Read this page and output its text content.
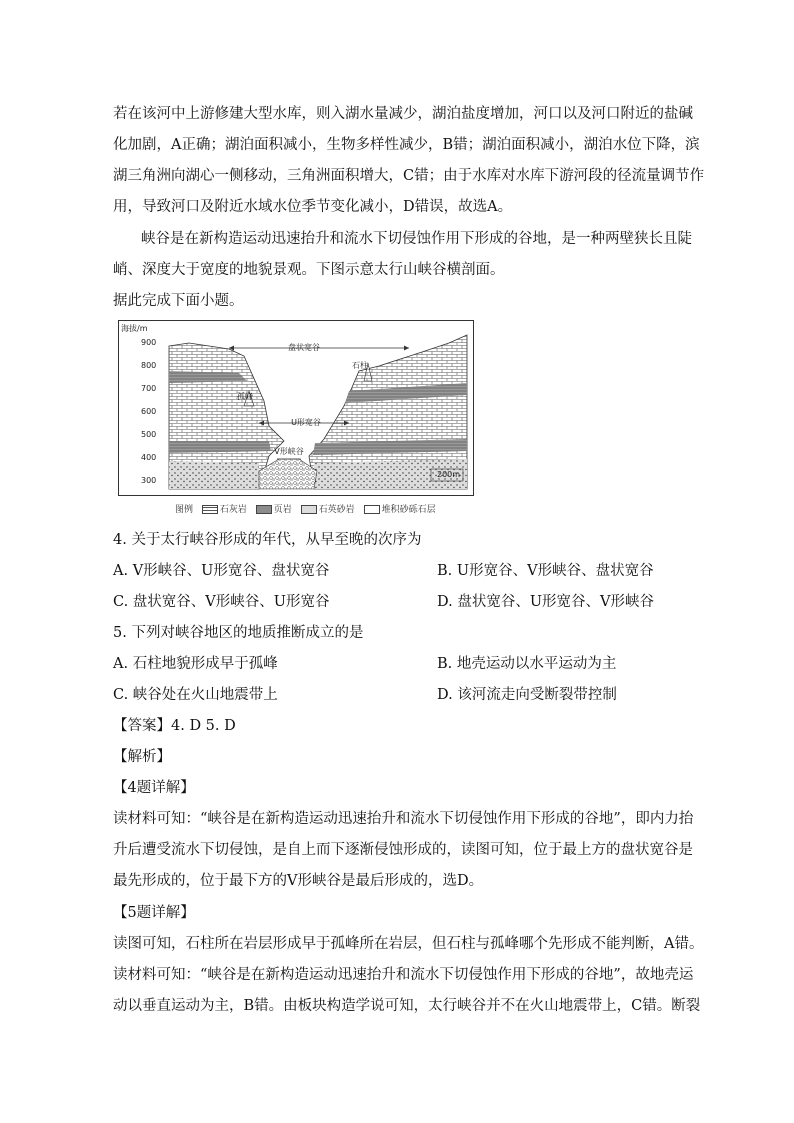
若在该河中上游修建大型水库，则入湖水量减少，湖泊盐度增加，河口以及河口附近的盐碱
化加剧，A正确；湖泊面积减小，生物多样性减少，B错；湖泊面积减小，湖泊水位下降，滨
湖三角洲向湖心一侧移动，三角洲面积增大，C错；由于水库对水库下游河段的径流量调节作
用，导致河口及附近水域水位季节变化减小，D错误，故选A。
峡谷是在新构造运动迅速抬升和流水下切侵蚀作用下形成的谷地，是一种两壁狭长且陡
峭、深度大于宽度的地貌景观。下图示意太行山峡谷横剖面。
据此完成下面小题。
海拔/m
900
800
700
600
500
400
300
盘状宽谷
U形宽谷
V形峡谷
石柱
孤峰
200m
图例	石灰岩	页岩	石英砂岩	堆积砂砾石层
4. 关于太行峡谷形成的年代，从早至晚的次序为
A. V形峡谷、U形宽谷、盘状宽谷	B. U形宽谷、V形峡谷、盘状宽谷
C. 盘状宽谷、V形峡谷、U形宽谷	D. 盘状宽谷、U形宽谷、V形峡谷
5. 下列对峡谷地区的地质推断成立的是
A. 石柱地貌形成早于孤峰	B. 地壳运动以水平运动为主
C. 峡谷处在火山地震带上	D. 该河流走向受断裂带控制
【答案】4. D 5. D
【解析】
【4题详解】
读材料可知：“峡谷是在新构造运动迅速抬升和流水下切侵蚀作用下形成的谷地”，即内力抬
升后遭受流水下切侵蚀，是自上而下逐渐侵蚀形成的，读图可知，位于最上方的盘状宽谷是
最先形成的，位于最下方的V形峡谷是最后形成的，选D。
【5题详解】
读图可知，石柱所在岩层形成早于孤峰所在岩层，但石柱与孤峰哪个先形成不能判断，A错。
读材料可知：“峡谷是在新构造运动迅速抬升和流水下切侵蚀作用下形成的谷地”，故地壳运
动以垂直运动为主，B错。由板块构造学说可知，太行峡谷并不在火山地震带上，C错。断裂
